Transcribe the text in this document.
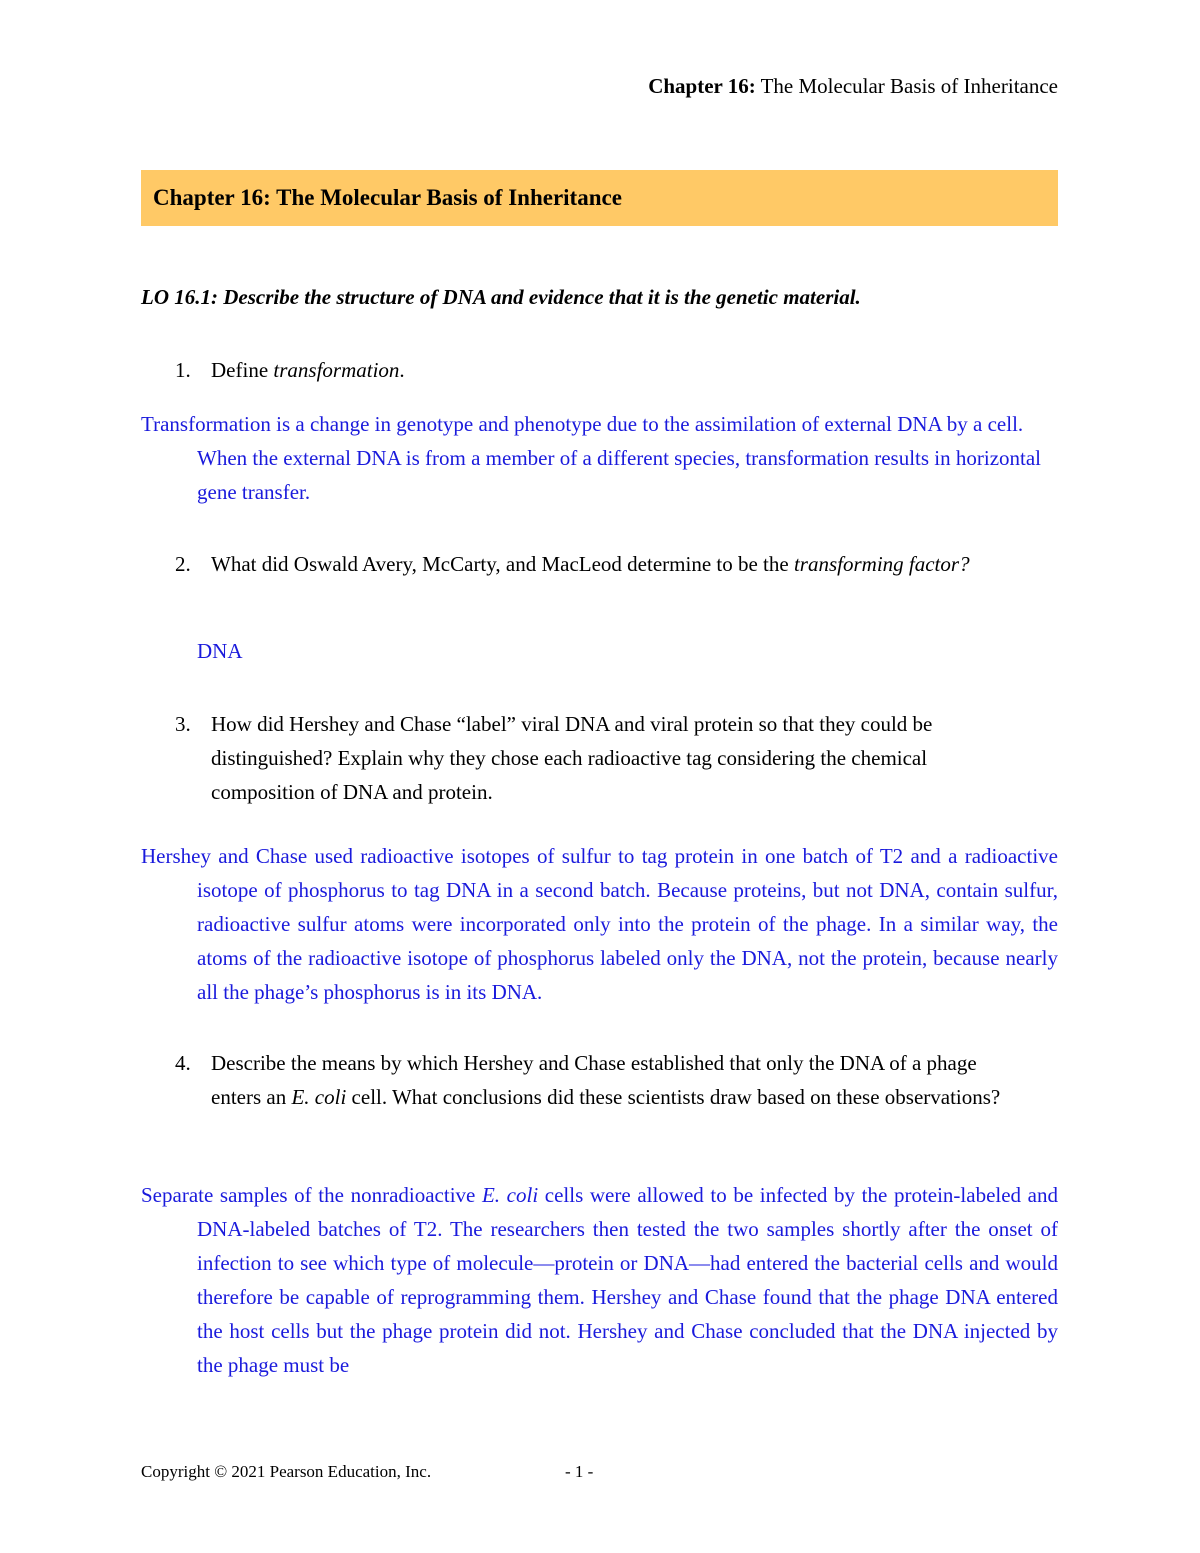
Chapter 16: The Molecular Basis of Inheritance
Chapter 16: The Molecular Basis of Inheritance
LO 16.1: Describe the structure of DNA and evidence that it is the genetic material.
1. Define transformation.
Transformation is a change in genotype and phenotype due to the assimilation of external DNA by a cell. When the external DNA is from a member of a different species, transformation results in horizontal gene transfer.
2. What did Oswald Avery, McCarty, and MacLeod determine to be the transforming factor?
DNA
3. How did Hershey and Chase “label” viral DNA and viral protein so that they could be distinguished? Explain why they chose each radioactive tag considering the chemical composition of DNA and protein.
Hershey and Chase used radioactive isotopes of sulfur to tag protein in one batch of T2 and a radioactive isotope of phosphorus to tag DNA in a second batch. Because proteins, but not DNA, contain sulfur, radioactive sulfur atoms were incorporated only into the protein of the phage. In a similar way, the atoms of the radioactive isotope of phosphorus labeled only the DNA, not the protein, because nearly all the phage’s phosphorus is in its DNA.
4. Describe the means by which Hershey and Chase established that only the DNA of a phage enters an E. coli cell. What conclusions did these scientists draw based on these observations?
Separate samples of the nonradioactive E. coli cells were allowed to be infected by the protein-labeled and DNA-labeled batches of T2. The researchers then tested the two samples shortly after the onset of infection to see which type of molecule—protein or DNA—had entered the bacterial cells and would therefore be capable of reprogramming them. Hershey and Chase found that the phage DNA entered the host cells but the phage protein did not. Hershey and Chase concluded that the DNA injected by the phage must be
Copyright © 2021 Pearson Education, Inc.	- 1 -
